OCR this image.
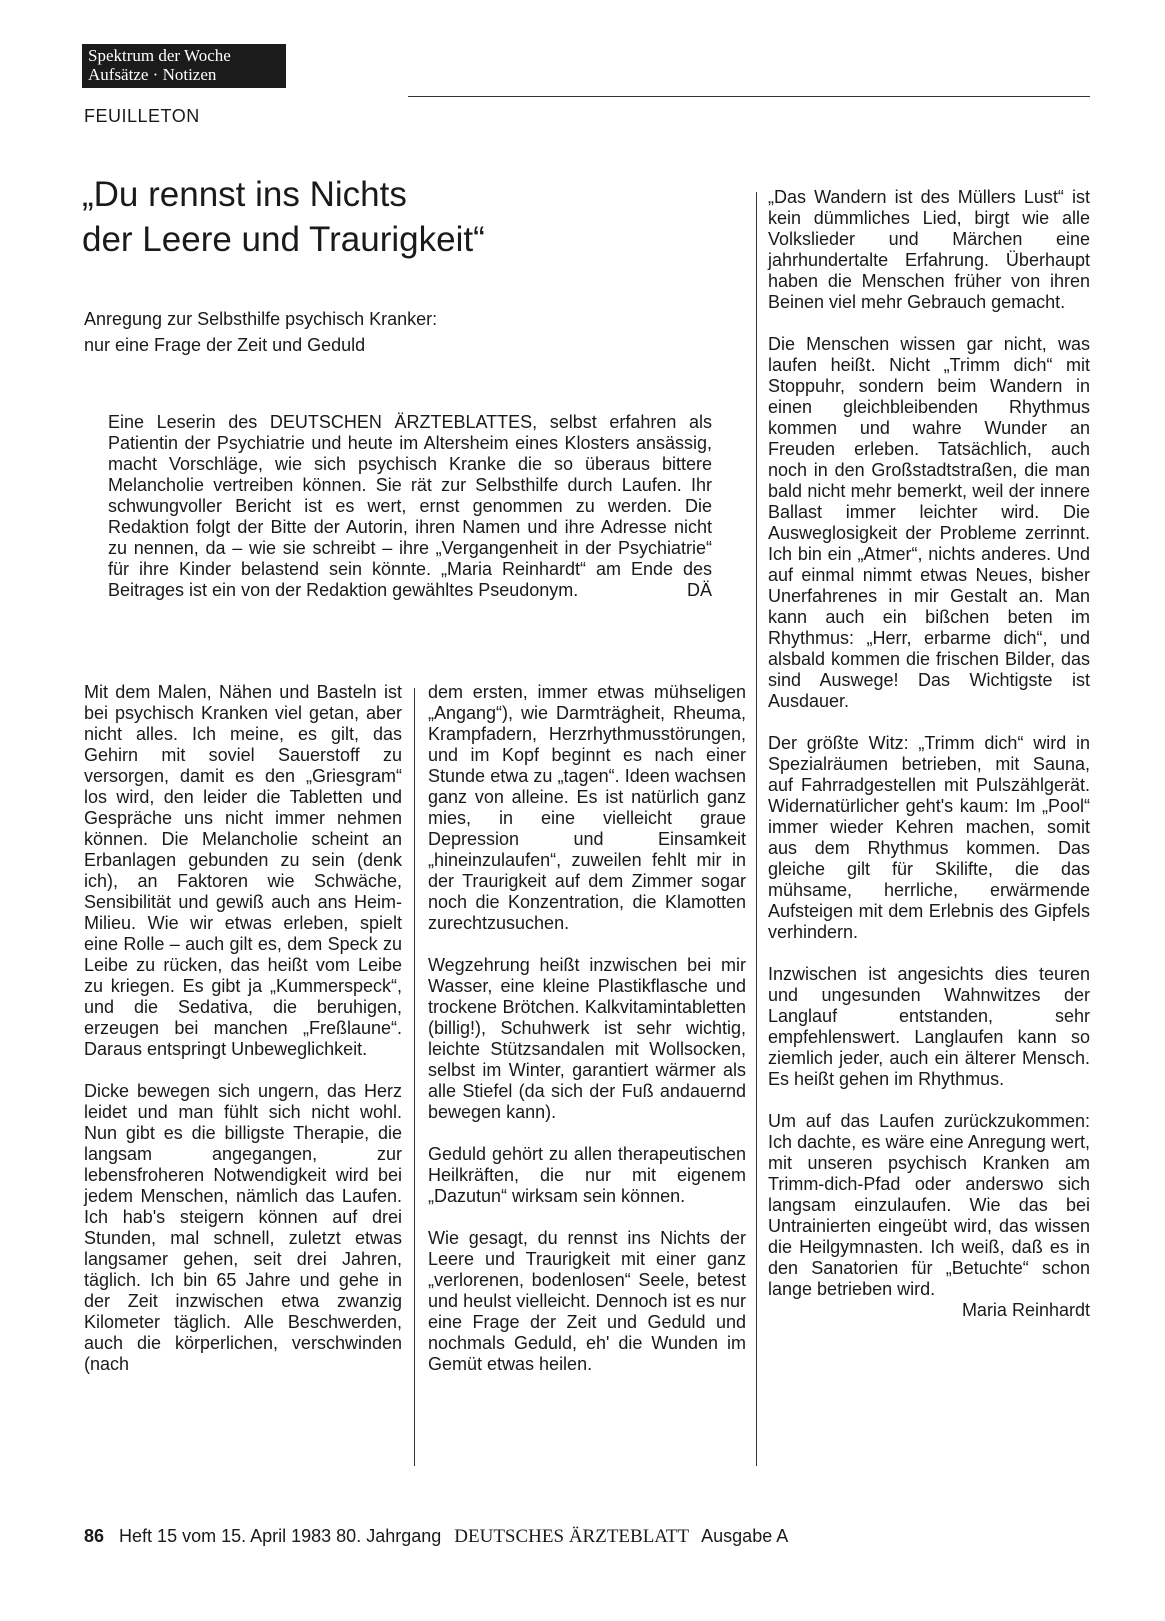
Spektrum der Woche
Aufsätze · Notizen
FEUILLETON
„Du rennst ins Nichts
der Leere und Traurigkeit“
Anregung zur Selbsthilfe psychisch Kranker:
nur eine Frage der Zeit und Geduld
Eine Leserin des DEUTSCHEN ÄRZTEBLATTES, selbst erfahren als Patientin der Psychiatrie und heute im Altersheim eines Klosters ansässig, macht Vorschläge, wie sich psychisch Kranke die so überaus bittere Melancholie vertreiben können. Sie rät zur Selbsthilfe durch Laufen. Ihr schwungvoller Bericht ist es wert, ernst genommen zu werden. Die Redaktion folgt der Bitte der Autorin, ihren Namen und ihre Adresse nicht zu nennen, da – wie sie schreibt – ihre „Vergangenheit in der Psychiatrie“ für ihre Kinder belastend sein könnte. „Maria Reinhardt“ am Ende des Beitrages ist ein von der Redaktion gewähltes Pseudonym.	DÄ

Mit dem Malen, Nähen und Basteln ist bei psychisch Kranken viel getan, aber nicht alles. Ich meine, es gilt, das Gehirn mit soviel Sauerstoff zu versorgen, damit es den „Griesgram“ los wird, den leider die Tabletten und Gespräche uns nicht immer nehmen können. Die Melancholie scheint an Erbanlagen gebunden zu sein (denk ich), an Faktoren wie Schwäche, Sensibilität und gewiß auch ans Heim-Milieu. Wie wir etwas erleben, spielt eine Rolle – auch gilt es, dem Speck zu Leibe zu rücken, das heißt vom Leibe zu kriegen. Es gibt ja „Kummerspeck“, und die Sedativa, die beruhigen, erzeugen bei manchen „Freßlaune“. Daraus entspringt Unbeweglichkeit.

Dicke bewegen sich ungern, das Herz leidet und man fühlt sich nicht wohl. Nun gibt es die billigste Therapie, die langsam angegangen, zur lebensfroheren Notwendigkeit wird bei jedem Menschen, nämlich das Laufen. Ich hab's steigern können auf drei Stunden, mal schnell, zuletzt etwas langsamer gehen, seit drei Jahren, täglich. Ich bin 65 Jahre und gehe in der Zeit inzwischen etwa zwanzig Kilometer täglich. Alle Beschwerden, auch die körperlichen, verschwinden (nach

dem ersten, immer etwas mühseligen „Angang“), wie Darmträgheit, Rheuma, Krampfadern, Herzrhythmusstörungen, und im Kopf beginnt es nach einer Stunde etwa zu „tagen“. Ideen wachsen ganz von alleine. Es ist natürlich ganz mies, in eine vielleicht graue Depression und Einsamkeit „hineinzulaufen“, zuweilen fehlt mir in der Traurigkeit auf dem Zimmer sogar noch die Konzentration, die Klamotten zurechtzusuchen.

Wegzehrung heißt inzwischen bei mir Wasser, eine kleine Plastikflasche und trockene Brötchen. Kalkvitamintabletten (billig!), Schuhwerk ist sehr wichtig, leichte Stützsandalen mit Wollsocken, selbst im Winter, garantiert wärmer als alle Stiefel (da sich der Fuß andauernd bewegen kann).

Geduld gehört zu allen therapeutischen Heilkräften, die nur mit eigenem „Dazutun“ wirksam sein können.

Wie gesagt, du rennst ins Nichts der Leere und Traurigkeit mit einer ganz „verlorenen, bodenlosen“ Seele, betest und heulst vielleicht. Dennoch ist es nur eine Frage der Zeit und Geduld und nochmals Geduld, eh' die Wunden im Gemüt etwas heilen.

„Das Wandern ist des Müllers Lust“ ist kein dümmliches Lied, birgt wie alle Volkslieder und Märchen eine jahrhundertalte Erfahrung. Überhaupt haben die Menschen früher von ihren Beinen viel mehr Gebrauch gemacht.

Die Menschen wissen gar nicht, was laufen heißt. Nicht „Trimm dich“ mit Stoppuhr, sondern beim Wandern in einen gleichbleibenden Rhythmus kommen und wahre Wunder an Freuden erleben. Tatsächlich, auch noch in den Großstadtstraßen, die man bald nicht mehr bemerkt, weil der innere Ballast immer leichter wird. Die Ausweglosigkeit der Probleme zerrinnt. Ich bin ein „Atmer“, nichts anderes. Und auf einmal nimmt etwas Neues, bisher Unerfahrenes in mir Gestalt an. Man kann auch ein bißchen beten im Rhythmus: „Herr, erbarme dich“, und alsbald kommen die frischen Bilder, das sind Auswege! Das Wichtigste ist Ausdauer.

Der größte Witz: „Trimm dich“ wird in Spezialräumen betrieben, mit Sauna, auf Fahrradgestellen mit Pulszählgerät. Widernatürlicher geht's kaum: Im „Pool“ immer wieder Kehren machen, somit aus dem Rhythmus kommen. Das gleiche gilt für Skilifte, die das mühsame, herrliche, erwärmende Aufsteigen mit dem Erlebnis des Gipfels verhindern.

Inzwischen ist angesichts dies teuren und ungesunden Wahnwitzes der Langlauf entstanden, sehr empfehlenswert. Langlaufen kann so ziemlich jeder, auch ein älterer Mensch. Es heißt gehen im Rhythmus.

Um auf das Laufen zurückzukommen: Ich dachte, es wäre eine Anregung wert, mit unseren psychisch Kranken am Trimm-dich-Pfad oder anderswo sich langsam einzulaufen. Wie das bei Untrainierten eingeübt wird, das wissen die Heilgymnasten. Ich weiß, daß es in den Sanatorien für „Betuchte“ schon lange betrieben wird.

Maria Reinhardt
86 Heft 15 vom 15. April 1983 80. Jahrgang DEUTSCHES ÄRZTEBLATT Ausgabe A
